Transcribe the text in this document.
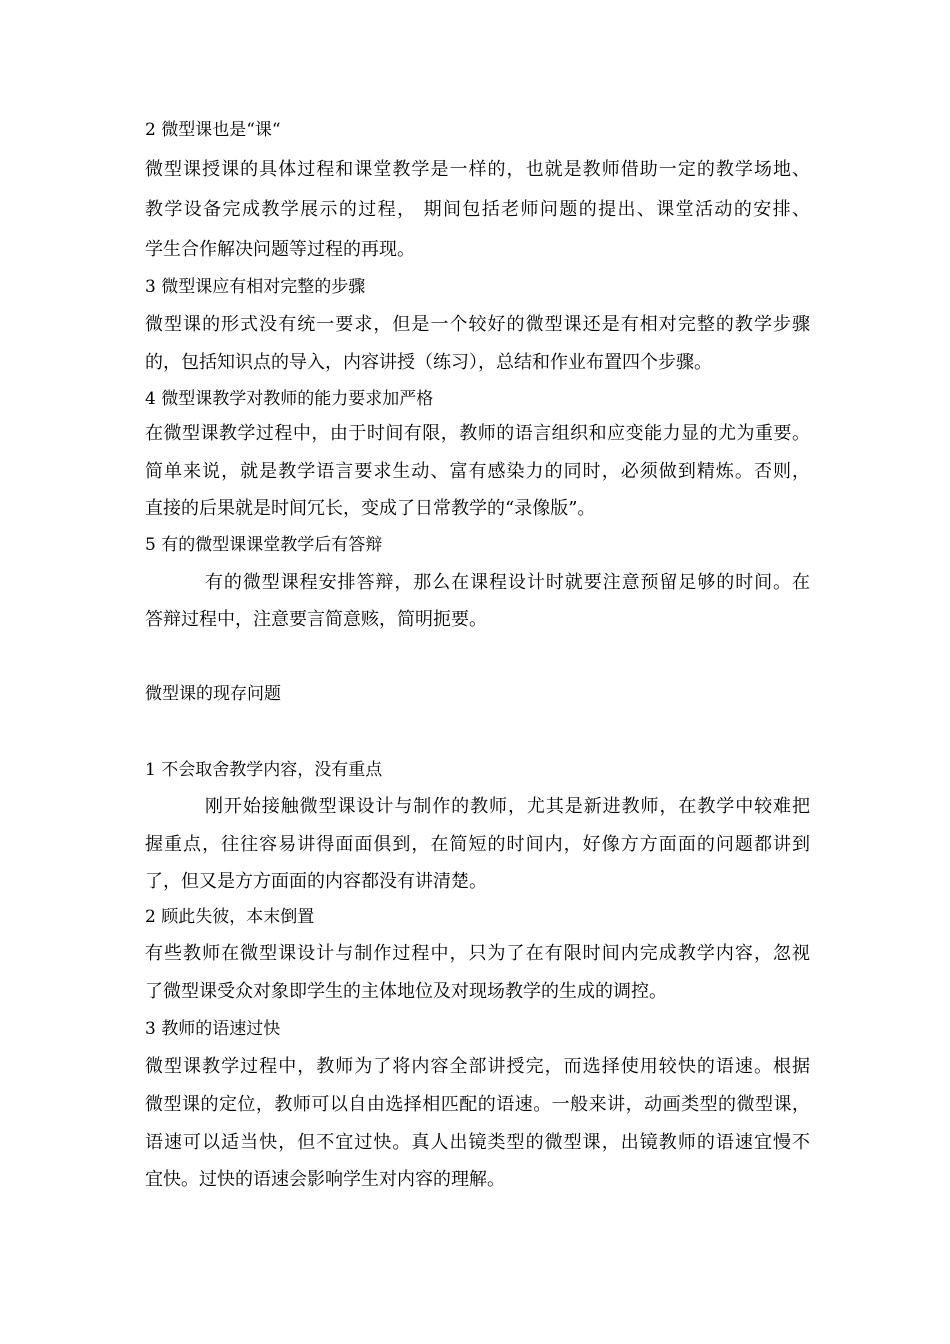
2 微型课也是“课“
微型课授课的具体过程和课堂教学是一样的，也就是教师借助一定的教学场地、
教学设备完成教学展示的过程， 期间包括老师问题的提出、课堂活动的安排、
学生合作解决问题等过程的再现。
3 微型课应有相对完整的步骤
微型课的形式没有统一要求，但是一个较好的微型课还是有相对完整的教学步骤
的，包括知识点的导入，内容讲授（练习），总结和作业布置四个步骤。
4 微型课教学对教师的能力要求加严格
在微型课教学过程中，由于时间有限，教师的语言组织和应变能力显的尤为重要。
简单来说，就是教学语言要求生动、富有感染力的同时，必须做到精炼。否则，
直接的后果就是时间冗长，变成了日常教学的“录像版”。
5 有的微型课课堂教学后有答辩
有的微型课程安排答辩，那么在课程设计时就要注意预留足够的时间。在
答辩过程中，注意要言简意赅，简明扼要。
微型课的现存问题
1 不会取舍教学内容，没有重点
刚开始接触微型课设计与制作的教师，尤其是新进教师，在教学中较难把
握重点，往往容易讲得面面俱到，在简短的时间内，好像方方面面的问题都讲到
了，但又是方方面面的内容都没有讲清楚。
2 顾此失彼，本末倒置
有些教师在微型课设计与制作过程中，只为了在有限时间内完成教学内容，忽视
了微型课受众对象即学生的主体地位及对现场教学的生成的调控。
3 教师的语速过快
微型课教学过程中，教师为了将内容全部讲授完，而选择使用较快的语速。根据
微型课的定位，教师可以自由选择相匹配的语速。一般来讲，动画类型的微型课，
语速可以适当快，但不宜过快。真人出镜类型的微型课，出镜教师的语速宜慢不
宜快。过快的语速会影响学生对内容的理解。
